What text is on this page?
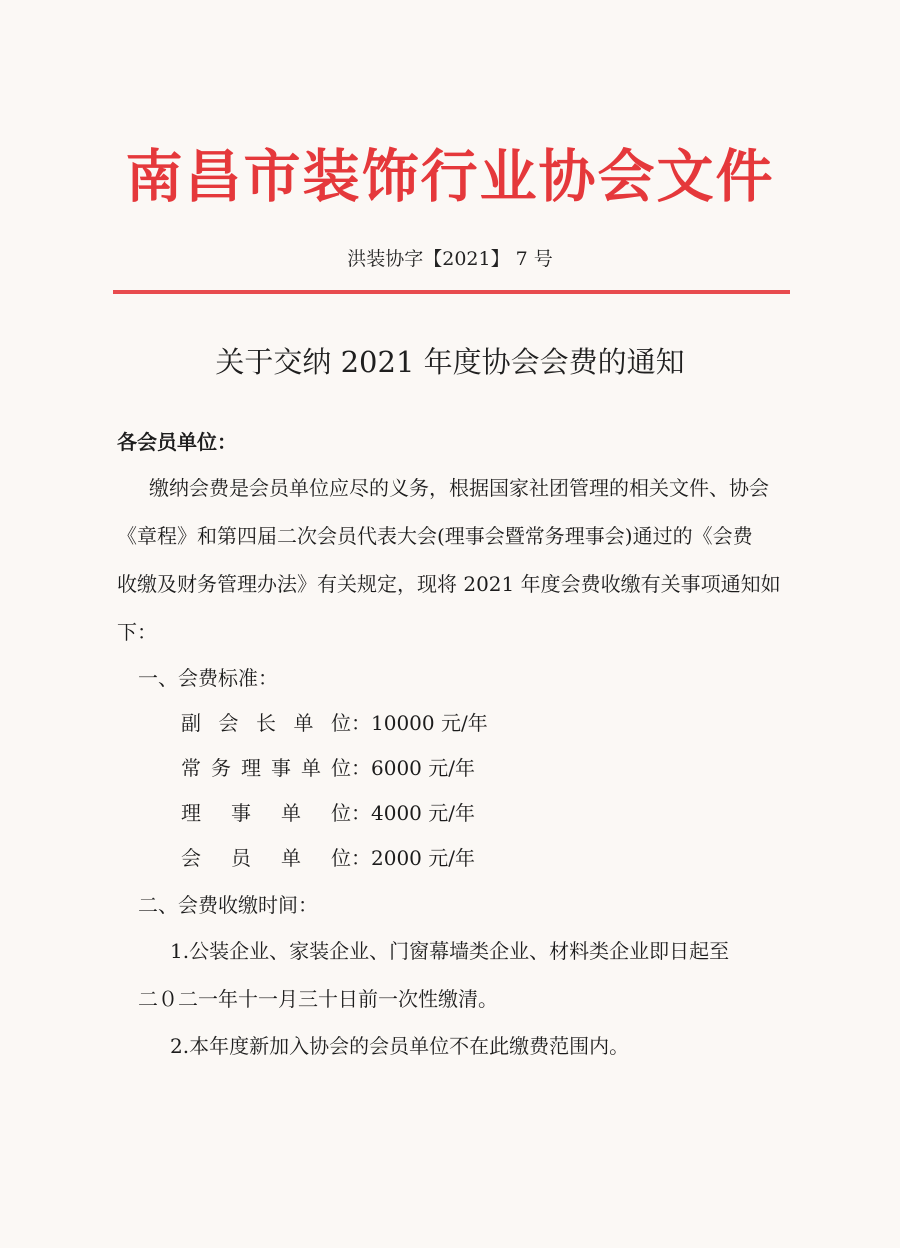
南昌市装饰行业协会文件
洪装协字【2021】 7 号
关于交纳 2021 年度协会会费的通知
各会员单位：
缴纳会费是会员单位应尽的义务，根据国家社团管理的相关文件、协会
《章程》和第四届二次会员代表大会(理事会暨常务理事会)通过的《会费
收缴及财务管理办法》有关规定，现将 2021 年度会费收缴有关事项通知如
下：
一、会费标准：
副会长单位：10000 元/年
常务理事单位：6000 元/年
理事单位：4000 元/年
会员单位：2000 元/年
二、会费收缴时间：
1.公装企业、家装企业、门窗幕墙类企业、材料类企业即日起至
二０二一年十一月三十日前一次性缴清。
2.本年度新加入协会的会员单位不在此缴费范围内。
